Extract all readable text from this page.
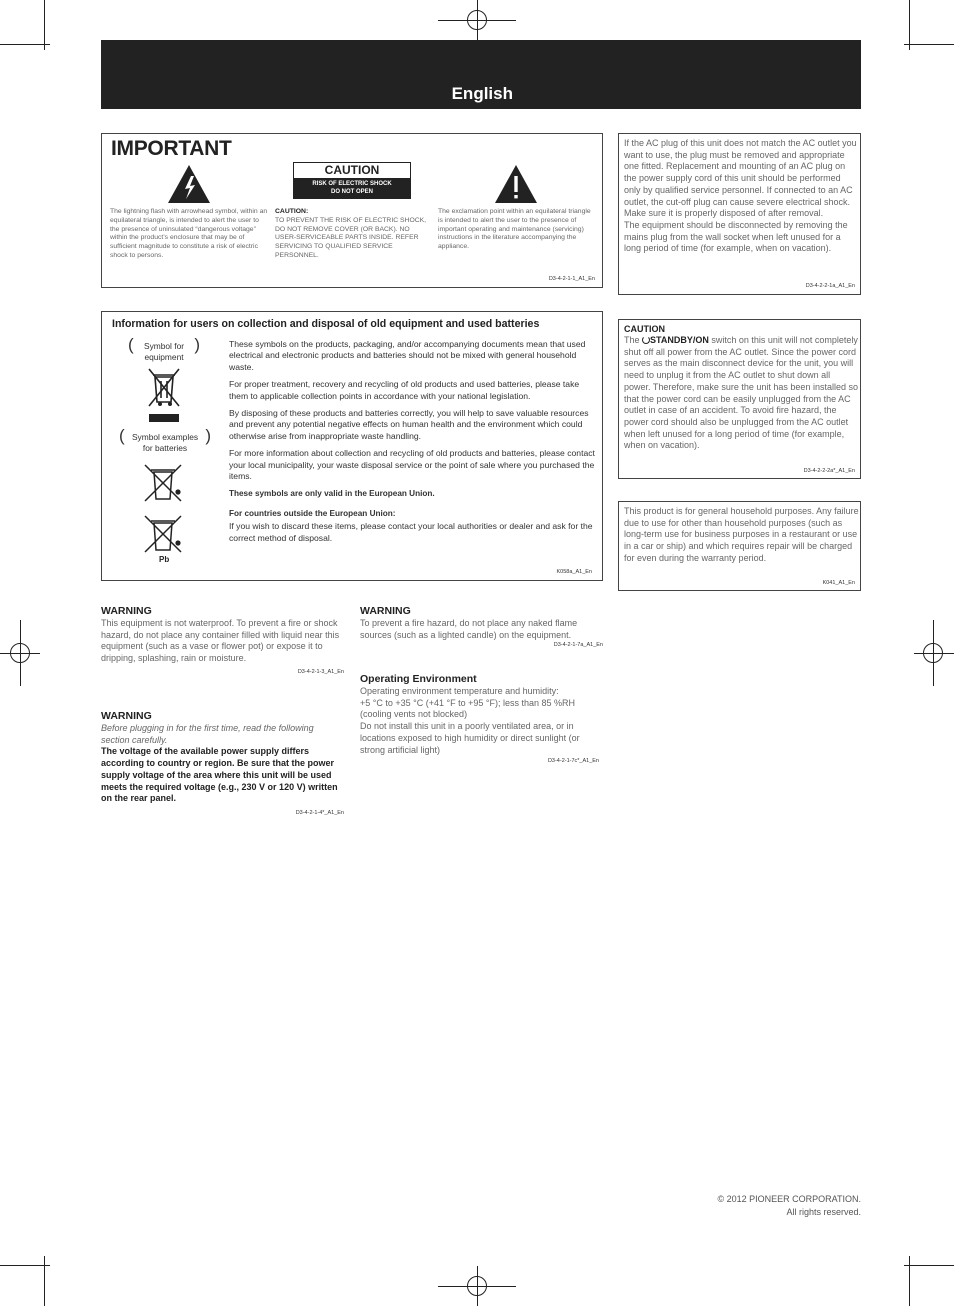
English
IMPORTANT
The lightning flash with arrowhead symbol, within an equilateral triangle, is intended to alert the user to the presence of uninsulated “dangerous voltage” within the product’s enclosure that may be of sufficient magnitude to constitute a risk of electric shock to persons.
CAUTION
RISK OF ELECTRIC SHOCK
DO NOT OPEN
CAUTION:
TO PREVENT THE RISK OF ELECTRIC SHOCK, DO NOT REMOVE COVER (OR BACK). NO USER-SERVICEABLE PARTS INSIDE. REFER SERVICING TO QUALIFIED SERVICE PERSONNEL.
The exclamation point within an equilateral triangle is intended to alert the user to the presence of important operating and maintenance (servicing) instructions in the literature accompanying the appliance.
D3-4-2-1-1_A1_En
If the AC plug of this unit does not match the AC outlet you want to use, the plug must be removed and appropriate one fitted. Replacement and mounting of an AC plug on the power supply cord of this unit should be performed only by qualified service personnel. If connected to an AC outlet, the cut-off plug can cause severe electrical shock. Make sure it is properly disposed of after removal.
The equipment should be disconnected by removing the mains plug from the wall socket when left unused for a long period of time (for example, when on vacation).
D3-4-2-2-1a_A1_En
Information for users on collection and disposal of old equipment and used batteries
(	Symbol for equipment
)
( Symbol examples for batteries
)
Pb

These symbols on the products, packaging, and/or accompanying documents mean that used electrical and electronic products and batteries should not be mixed with general household waste.

For proper treatment, recovery and recycling of old products and used batteries, please take them to applicable collection points in accordance with your national legislation.

By disposing of these products and batteries correctly, you will help to save valuable resources and prevent any potential negative effects on human health and the environment which could otherwise arise from inappropriate waste handling.

For more information about collection and recycling of old products and batteries, please contact your local municipality, your waste disposal service or the point of sale where you purchased the items.

These symbols are only valid in the European Union.

For countries outside the European Union:

If you wish to discard these items, please contact your local authorities or dealer and ask for the correct method of disposal.

K058a_A1_En
CAUTION
The STANDBY/ON switch on this unit will not completely shut off all power from the AC outlet. Since the power cord serves as the main disconnect device for the unit, you will need to unplug it from the AC outlet to shut down all power. Therefore, make sure the unit has been installed so that the power cord can be easily unplugged from the AC outlet in case of an accident. To avoid fire hazard, the power cord should also be unplugged from the AC outlet when left unused for a long period of time (for example, when on vacation).
D3-4-2-2-2a*_A1_En
This product is for general household purposes. Any failure due to use for other than household purposes (such as long-term use for business purposes in a restaurant or use in a car or ship) and which requires repair will be charged for even during the warranty period.
K041_A1_En
WARNING
This equipment is not waterproof. To prevent a fire or shock hazard, do not place any container filled with liquid near this equipment (such as a vase or flower pot) or expose it to dripping, splashing, rain or moisture.
D3-4-2-1-3_A1_En
WARNING
Before plugging in for the first time, read the following section carefully.
The voltage of the available power supply differs according to country or region. Be sure that the power supply voltage of the area where this unit will be used meets the required voltage (e.g., 230 V or 120 V) written on the rear panel.
D3-4-2-1-4*_A1_En
WARNING
To prevent a fire hazard, do not place any naked flame sources (such as a lighted candle) on the equipment.
D3-4-2-1-7a_A1_En
Operating Environment
Operating environment temperature and humidity:
+5 °C to +35 °C (+41 °F to +95 °F); less than 85 %RH (cooling vents not blocked)
Do not install this unit in a poorly ventilated area, or in locations exposed to high humidity or direct sunlight (or strong artificial light)
D3-4-2-1-7c*_A1_En
© 2012 PIONEER CORPORATION.
All rights reserved.
